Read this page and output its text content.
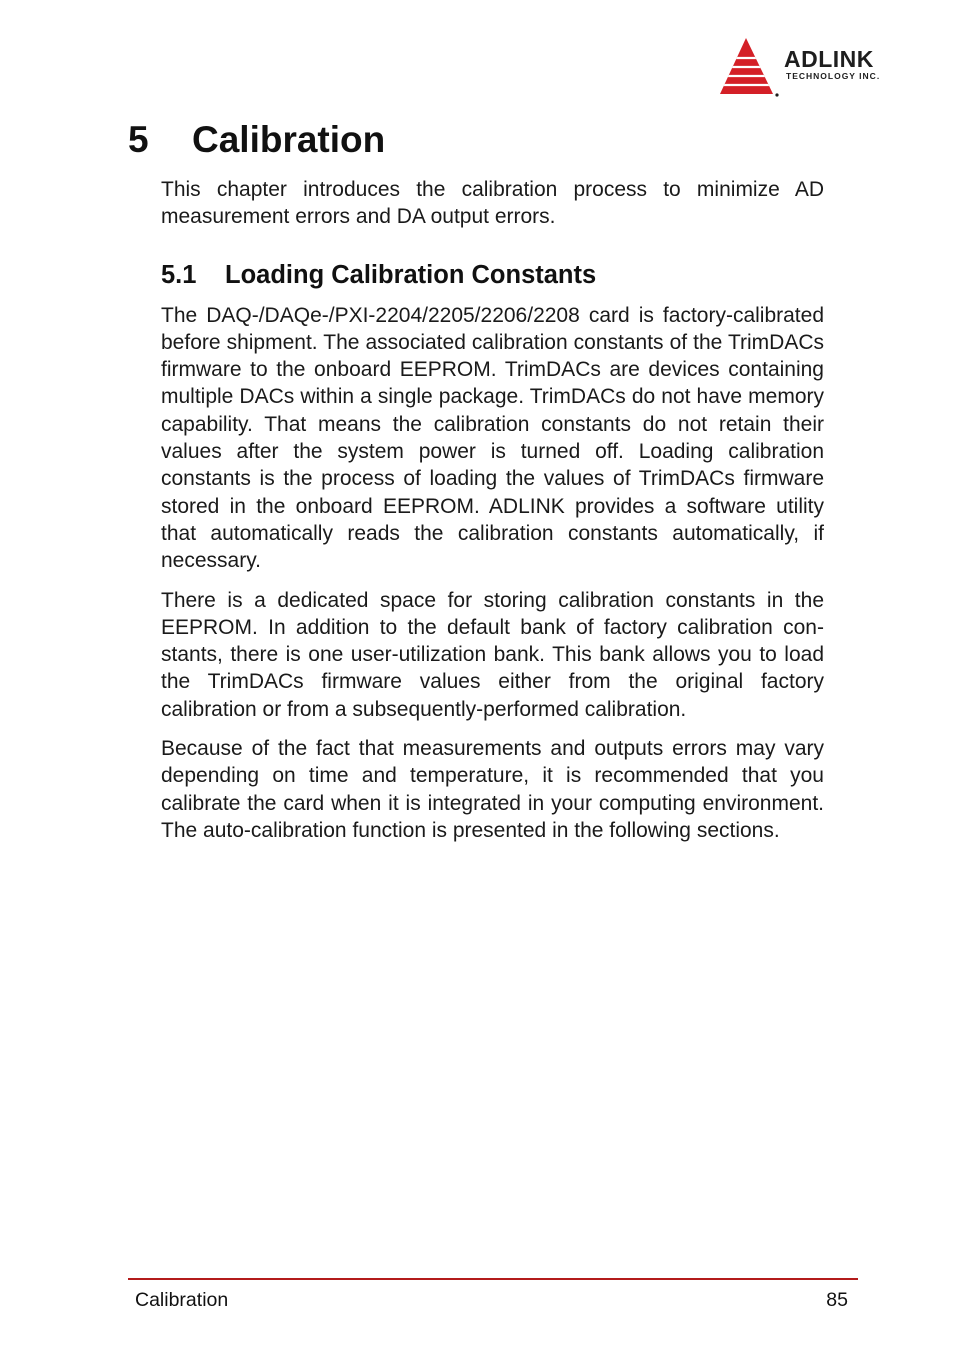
ADLINK
TECHNOLOGY INC.
5 Calibration

This chapter introduces the calibration process to minimize AD measurement errors and DA output errors.

5.1 Loading Calibration Constants

The DAQ-/DAQe-/PXI-2204/2205/2206/2208 card is factory-calibrated before shipment. The associated calibration constants of the TrimDACs firmware to the onboard EEPROM. TrimDACs are devices containing multiple DACs within a single package. TrimDACs do not have memory capability. That means the calibration constants do not retain their values after the system power is turned off. Loading calibration constants is the process of loading the values of TrimDACs firmware stored in the onboard EEPROM. ADLINK provides a software utility that automatically reads the calibration constants automatically, if necessary.

There is a dedicated space for storing calibration constants in the EEPROM. In addition to the default bank of factory calibration constants, there is one user-utilization bank. This bank allows you to load the TrimDACs firmware values either from the original factory calibration or from a subsequently-performed calibration.

Because of the fact that measurements and outputs errors may vary depending on time and temperature, it is recommended that you calibrate the card when it is integrated in your computing environment. The auto-calibration function is presented in the following sections.

Calibration	85
